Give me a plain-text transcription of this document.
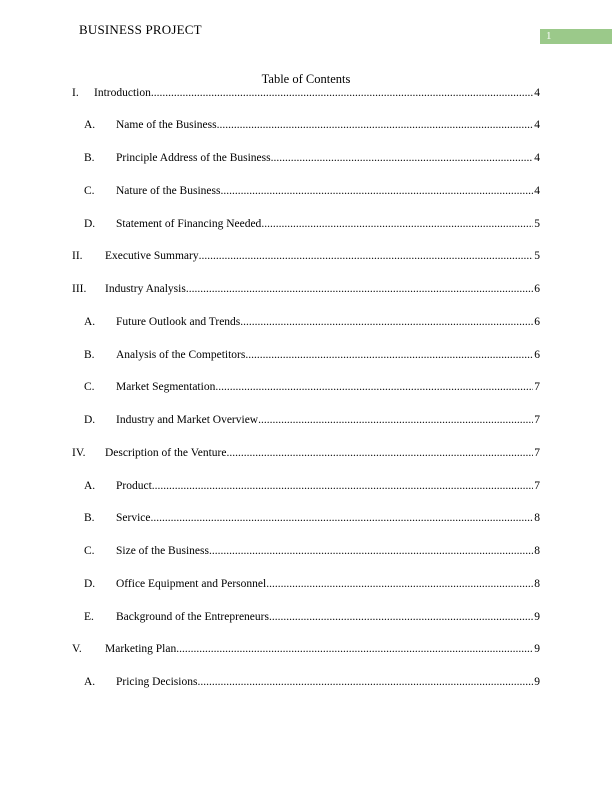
BUSINESS PROJECT	1
Table of Contents
I.	Introduction .....	4
A.	Name of the Business .....	4
B.	Principle Address of the Business .....	4
C.	Nature of the Business .....	4
D.	Statement of Financing Needed .....	5
II.	Executive Summary .....	5
III.	Industry Analysis .....	6
A.	Future Outlook and Trends .....	6
B.	Analysis of the Competitors .....	6
C.	Market Segmentation .....	7
D.	Industry and Market Overview .....	7
IV.	Description of the Venture .....	7
A.	Product .....	7
B.	Service .....	8
C.	Size of the Business .....	8
D.	Office Equipment and Personnel .....	8
E.	Background of the Entrepreneurs .....	9
V.	Marketing Plan .....	9
A.	Pricing Decisions .....	9
